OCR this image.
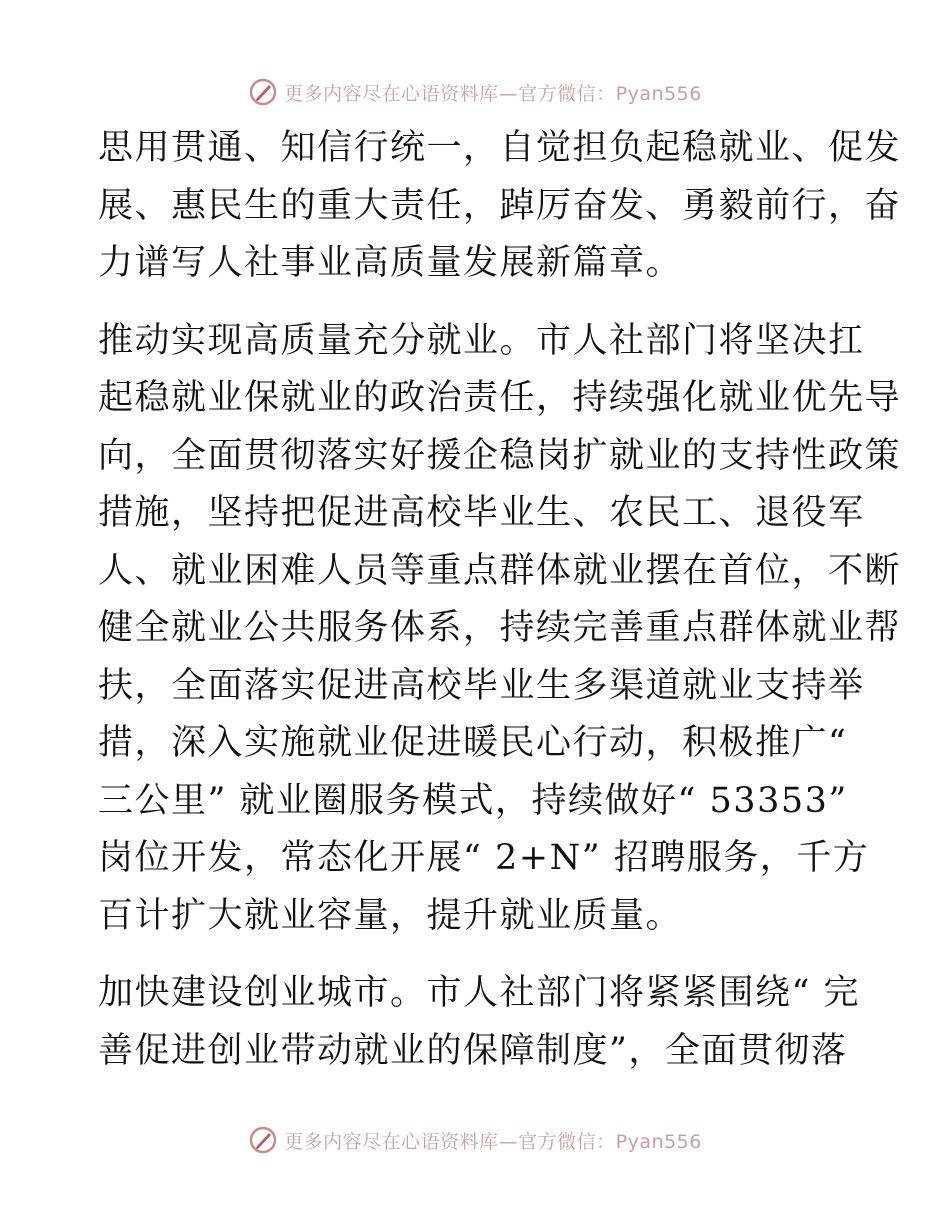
更多内容尽在心语资料库—官方微信：Pyan556
思用贯通、知信行统一，自觉担负起稳就业、促发
展、惠民生的重大责任，踔厉奋发、勇毅前行，奋
力谱写人社事业高质量发展新篇章。
推动实现高质量充分就业。市人社部门将坚决扛
起稳就业保就业的政治责任，持续强化就业优先导
向，全面贯彻落实好援企稳岗扩就业的支持性政策
措施，坚持把促进高校毕业生、农民工、退役军
人、就业困难人员等重点群体就业摆在首位，不断
健全就业公共服务体系，持续完善重点群体就业帮
扶，全面落实促进高校毕业生多渠道就业支持举
措，深入实施就业促进暖民心行动，积极推广“
三公里” 就业圈服务模式，持续做好“ 53353”
岗位开发，常态化开展“ 2+N” 招聘服务，千方
百计扩大就业容量，提升就业质量。
加快建设创业城市。市人社部门将紧紧围绕“ 完
善促进创业带动就业的保障制度”，全面贯彻落
更多内容尽在心语资料库—官方微信：Pyan556
